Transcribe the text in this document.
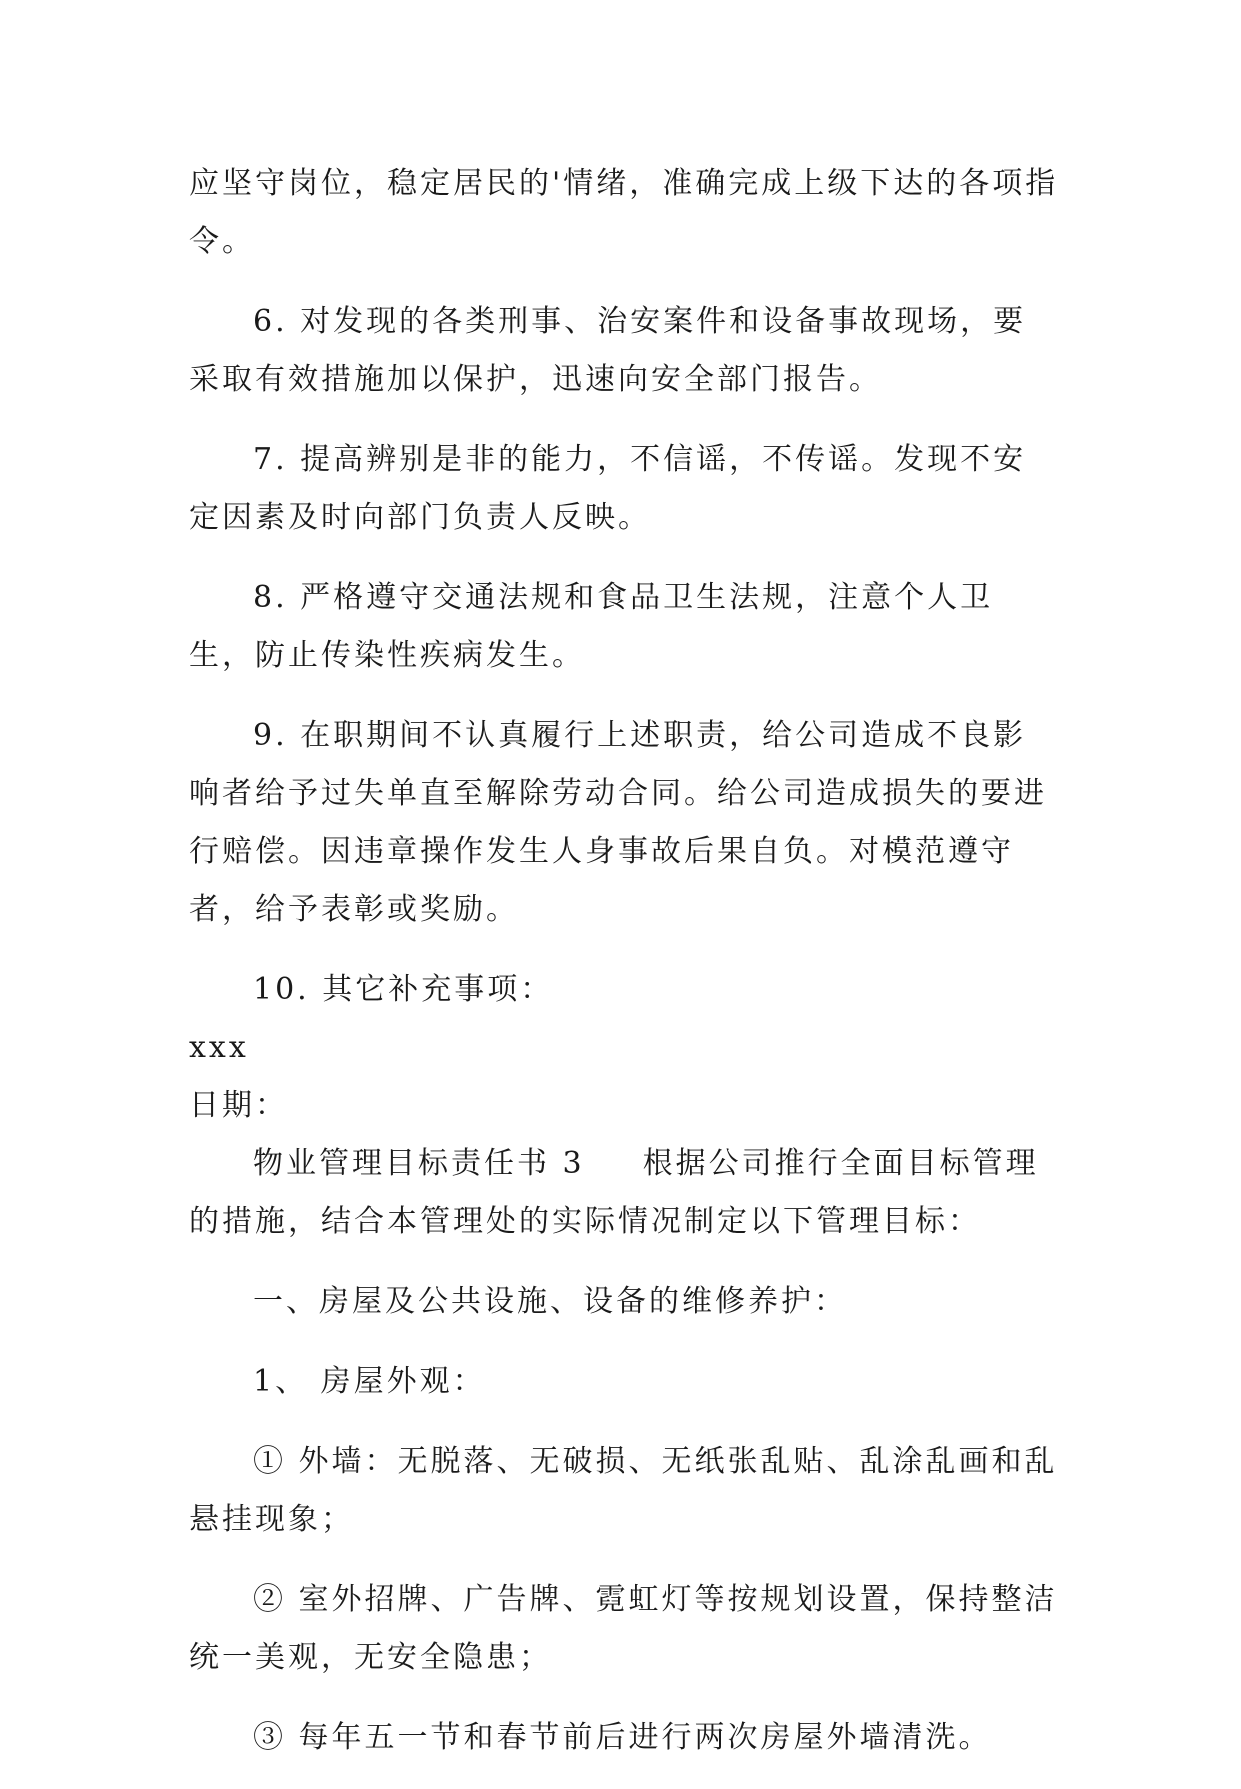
应坚守岗位，稳定居民的'情绪，准确完成上级下达的各项指令。

6. 对发现的各类刑事、治安案件和设备事故现场，要采取有效措施加以保护，迅速向安全部门报告。

7. 提高辨别是非的能力，不信谣，不传谣。发现不安定因素及时向部门负责人反映。

8. 严格遵守交通法规和食品卫生法规，注意个人卫生，防止传染性疾病发生。

9. 在职期间不认真履行上述职责，给公司造成不良影响者给予过失单直至解除劳动合同。给公司造成损失的要进行赔偿。因违章操作发生人身事故后果自负。对模范遵守者，给予表彰或奖励。

10. 其它补充事项：

xxx

日期：

物业管理目标责任书 3 根据公司推行全面目标管理的措施，结合本管理处的实际情况制定以下管理目标：

一、房屋及公共设施、设备的维修养护：

1、 房屋外观：

① 外墙：无脱落、无破损、无纸张乱贴、乱涂乱画和乱悬挂现象；

② 室外招牌、广告牌、霓虹灯等按规划设置，保持整洁统一美观，无安全隐患；

③ 每年五一节和春节前后进行两次房屋外墙清洗。
